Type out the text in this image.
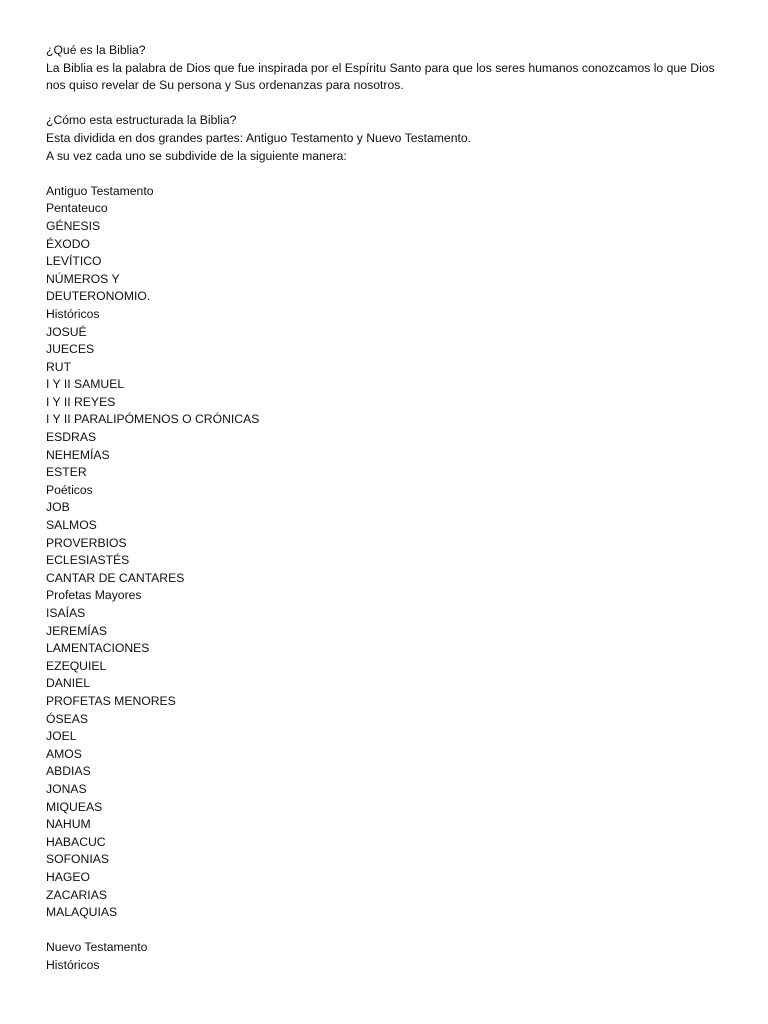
¿Qué es la Biblia?
La Biblia es la palabra de Dios que fue inspirada por el Espíritu Santo para que los seres humanos conozcamos lo que Dios nos quiso revelar de Su persona y Sus ordenanzas para nosotros.
¿Cómo esta estructurada la Biblia?
Esta dividida en dos grandes partes: Antiguo Testamento y Nuevo Testamento.
A su vez cada uno se subdivide de la siguiente manera:
Antiguo Testamento
Pentateuco
GÉNESIS
ÉXODO
LEVÍTICO
NÚMEROS Y
DEUTERONOMIO.
Históricos
JOSUÉ
JUECES
RUT
I Y II SAMUEL
I Y II REYES
I Y II PARALIPÓMENOS O CRÓNICAS
ESDRAS
NEHEMÍAS
ESTER
Poéticos
JOB
SALMOS
PROVERBIOS
ECLESIASTÉS
CANTAR DE CANTARES
Profetas Mayores
ISAÍAS
JEREMÍAS
LAMENTACIONES
EZEQUIEL
DANIEL
PROFETAS MENORES
ÓSEAS
JOEL
AMOS
ABDIAS
JONAS
MIQUEAS
NAHUM
HABACUC
SOFONIAS
HAGEO
ZACARIAS
MALAQUIAS
Nuevo Testamento
Históricos
